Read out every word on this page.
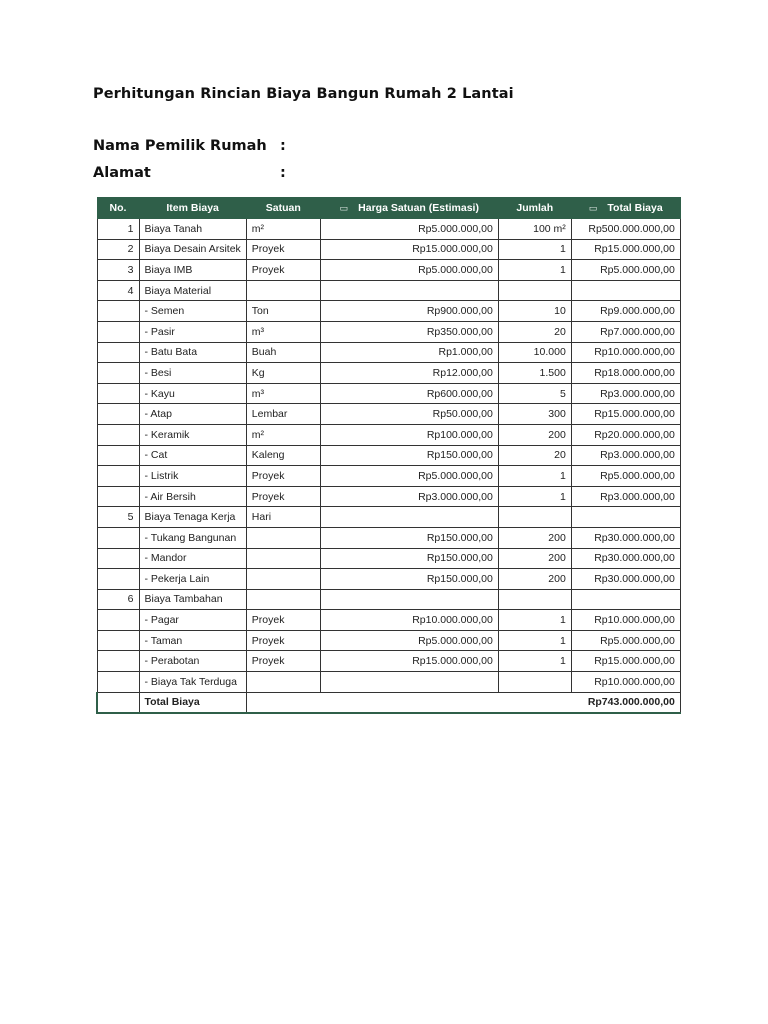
Perhitungan Rincian Biaya Bangun Rumah 2 Lantai
Nama Pemilik Rumah :
Alamat	:
No.	Item Biaya	Satuan	▭ Harga Satuan (Estimasi)	Jumlah	▭ Total Biaya
1	Biaya Tanah	m²	Rp5.000.000,00	100 m²	Rp500.000.000,00
2	Biaya Desain Arsitek	Proyek	Rp15.000.000,00	1	Rp15.000.000,00
3	Biaya IMB	Proyek	Rp5.000.000,00	1	Rp5.000.000,00
4	Biaya Material				
	- Semen	Ton	Rp900.000,00	10	Rp9.000.000,00
	- Pasir	m³	Rp350.000,00	20	Rp7.000.000,00
	- Batu Bata	Buah	Rp1.000,00	10.000	Rp10.000.000,00
	- Besi	Kg	Rp12.000,00	1.500	Rp18.000.000,00
	- Kayu	m³	Rp600.000,00	5	Rp3.000.000,00
	- Atap	Lembar	Rp50.000,00	300	Rp15.000.000,00
	- Keramik	m²	Rp100.000,00	200	Rp20.000.000,00
	- Cat	Kaleng	Rp150.000,00	20	Rp3.000.000,00
	- Listrik	Proyek	Rp5.000.000,00	1	Rp5.000.000,00
	- Air Bersih	Proyek	Rp3.000.000,00	1	Rp3.000.000,00
5	Biaya Tenaga Kerja	Hari			
	- Tukang Bangunan		Rp150.000,00	200	Rp30.000.000,00
	- Mandor		Rp150.000,00	200	Rp30.000.000,00
	- Pekerja Lain		Rp150.000,00	200	Rp30.000.000,00
6	Biaya Tambahan				
	- Pagar	Proyek	Rp10.000.000,00	1	Rp10.000.000,00
	- Taman	Proyek	Rp5.000.000,00	1	Rp5.000.000,00
	- Perabotan	Proyek	Rp15.000.000,00	1	Rp15.000.000,00
	- Biaya Tak Terduga				Rp10.000.000,00
	Total Biaya	Rp743.000.000,00			
